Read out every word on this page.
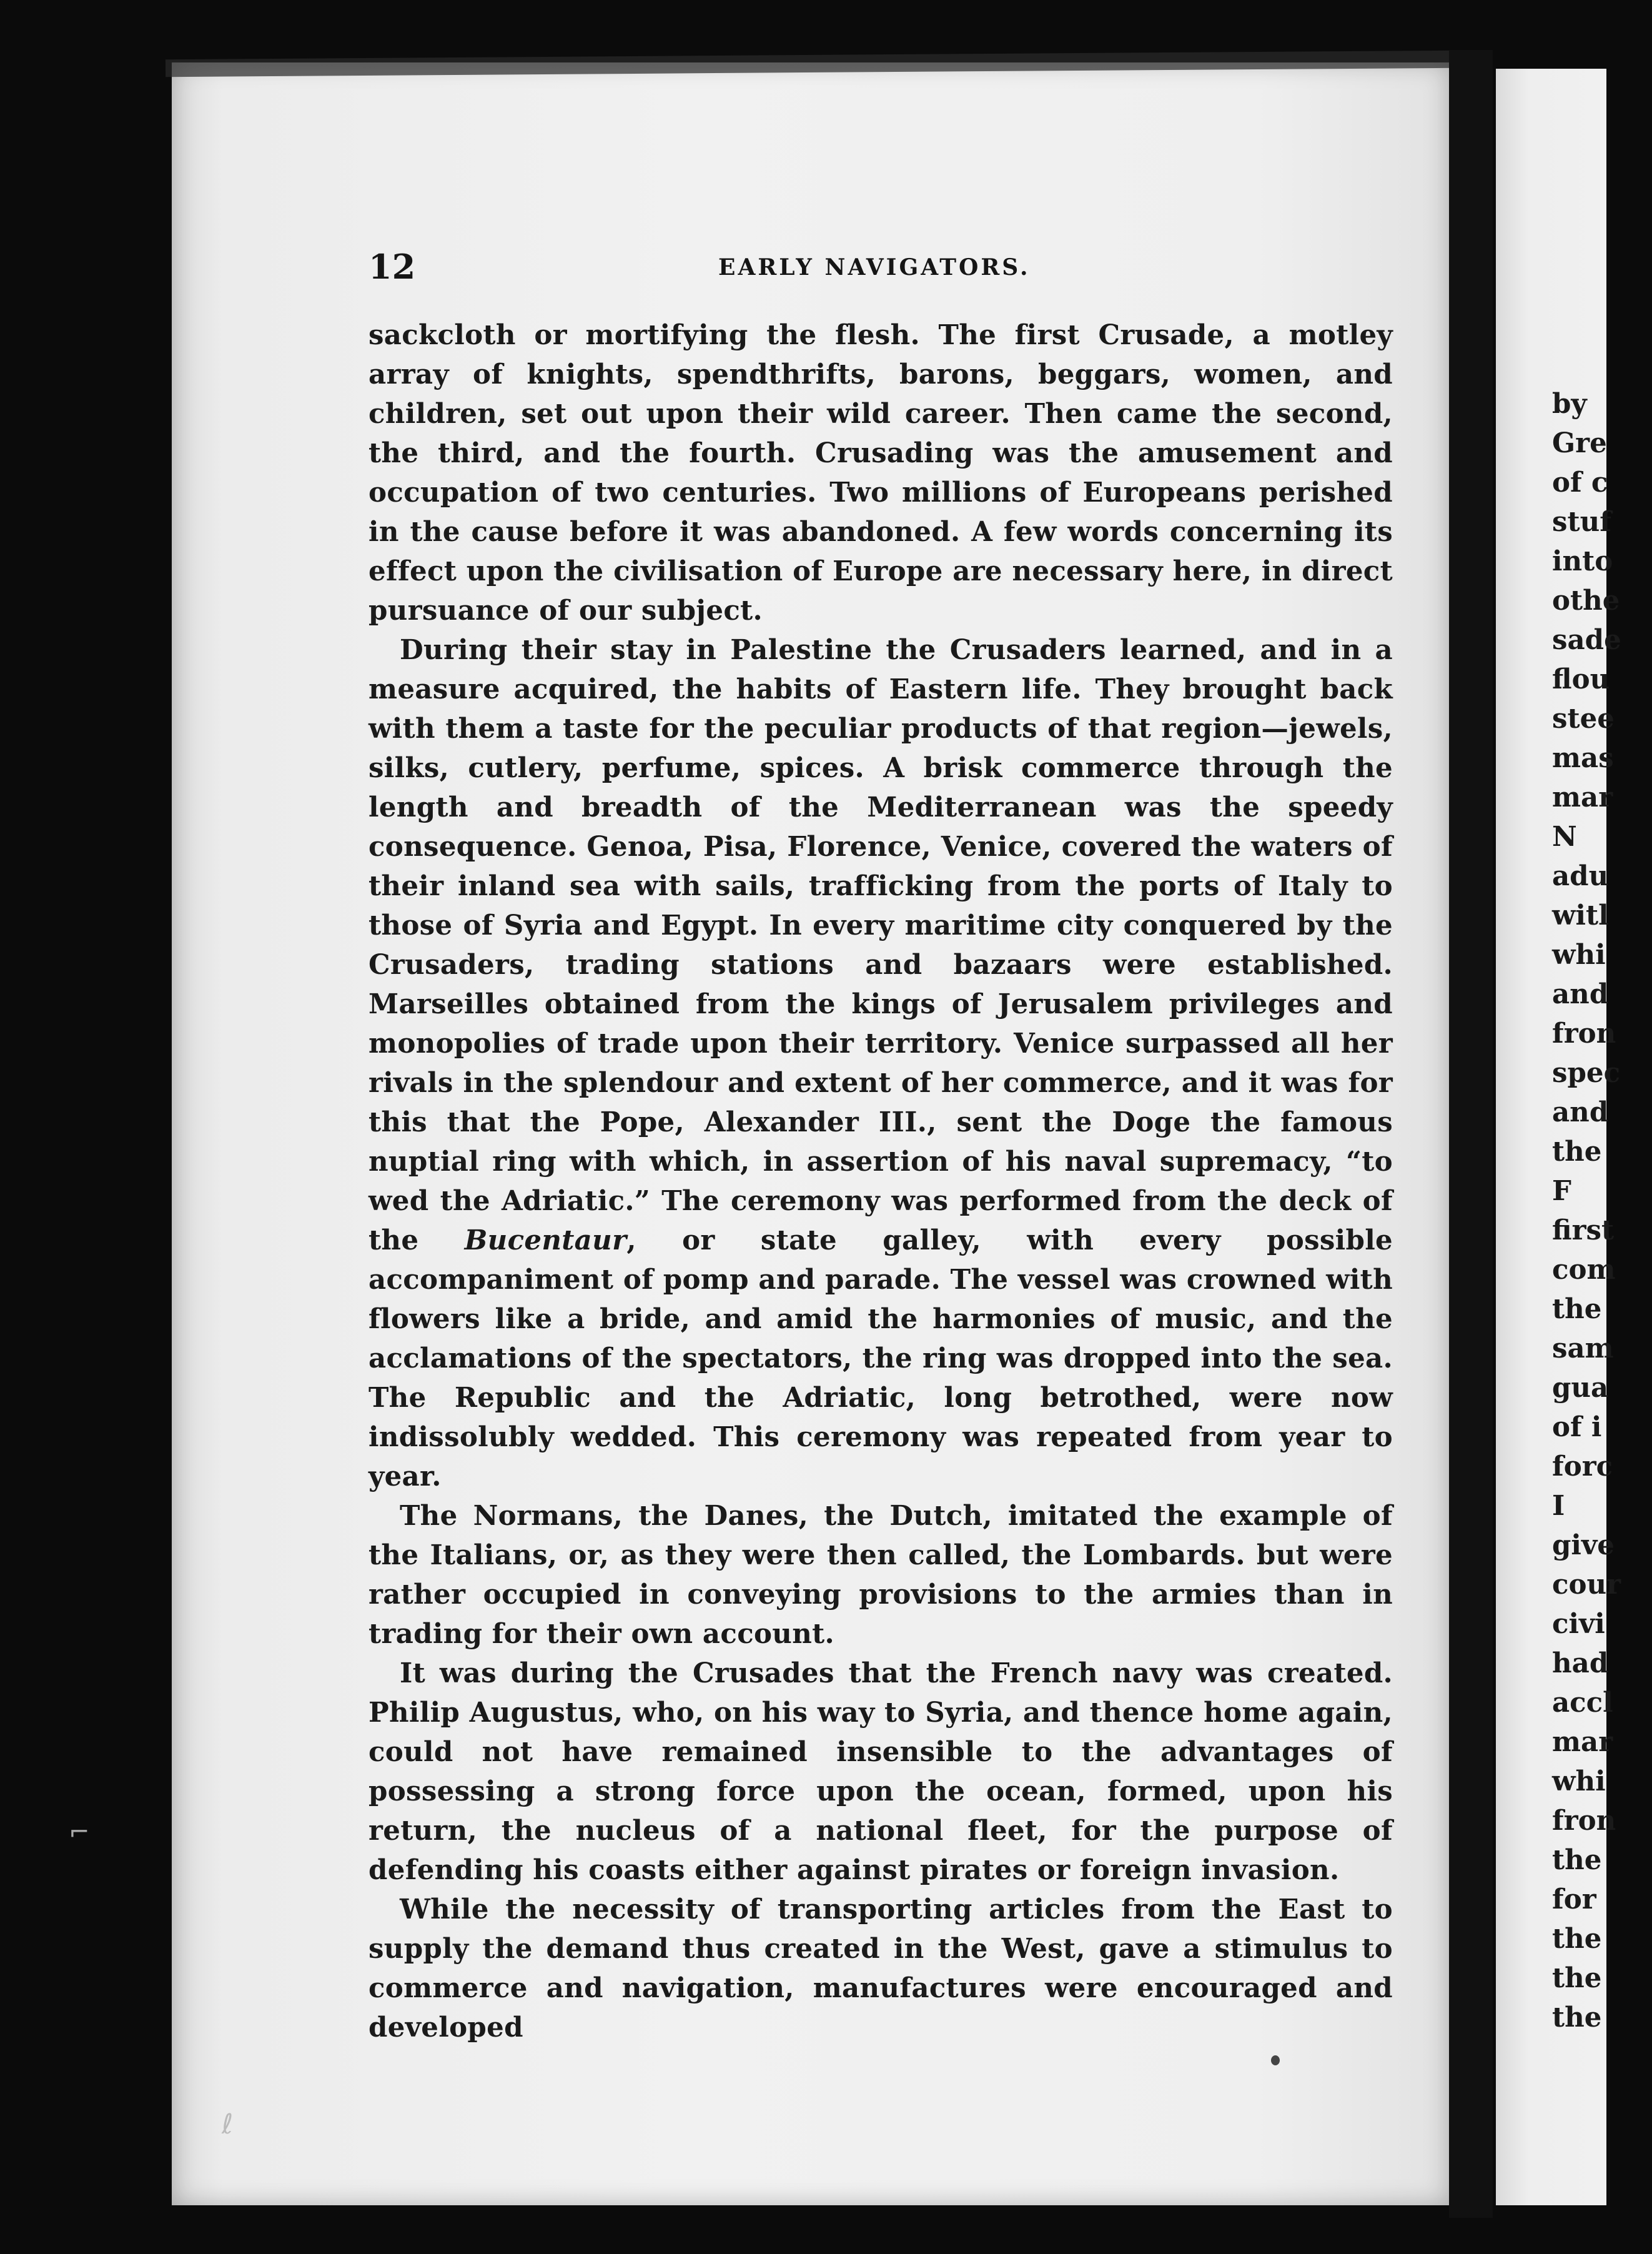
by
Gre
of c
stuf
into
othe
sade
flou
stee
mas
mar
N
adu
witl
whi
and
fron
spec
and
the
F
first
com
the
sam
gua
of i
forc
I
give
cour
civi
had
accl
mar
whi
fron
the
for
the
the
the
12	EARLY NAVIGATORS.

sackcloth or mortifying the flesh. The first Crusade, a motley array of knights, spendthrifts, barons, beggars, women, and children, set out upon their wild career. Then came the second, the third, and the fourth. Crusading was the amusement and occupation of two centuries. Two millions of Europeans perished in the cause before it was abandoned. A few words concerning its effect upon the civilisation of Europe are necessary here, in direct pursuance of our subject.

During their stay in Palestine the Crusaders learned, and in a measure acquired, the habits of Eastern life. They brought back with them a taste for the peculiar products of that region—jewels, silks, cutlery, perfume, spices. A brisk commerce through the length and breadth of the Mediterranean was the speedy consequence. Genoa, Pisa, Florence, Venice, covered the waters of their inland sea with sails, trafficking from the ports of Italy to those of Syria and Egypt. In every maritime city conquered by the Crusaders, trading stations and bazaars were established. Marseilles obtained from the kings of Jerusalem privileges and monopolies of trade upon their territory. Venice surpassed all her rivals in the splendour and extent of her commerce, and it was for this that the Pope, Alexander III., sent the Doge the famous nuptial ring with which, in assertion of his naval supremacy, “to wed the Adriatic.” The ceremony was performed from the deck of the Bucentaur, or state galley, with every possible accompaniment of pomp and parade. The vessel was crowned with flowers like a bride, and amid the harmonies of music, and the acclamations of the spectators, the ring was dropped into the sea. The Republic and the Adriatic, long betrothed, were now indissolubly wedded. This ceremony was repeated from year to year.

The Normans, the Danes, the Dutch, imitated the example of the Italians, or, as they were then called, the Lombards. but were rather occupied in conveying provisions to the armies than in trading for their own account.

It was during the Crusades that the French navy was created. Philip Augustus, who, on his way to Syria, and thence home again, could not have remained insensible to the advantages of possessing a strong force upon the ocean, formed, upon his return, the nucleus of a national fleet, for the purpose of defending his coasts either against pirates or foreign invasion.

While the necessity of transporting articles from the East to supply the demand thus created in the West, gave a stimulus to commerce and navigation, manufactures were encouraged and developed

⌐
ℓ
